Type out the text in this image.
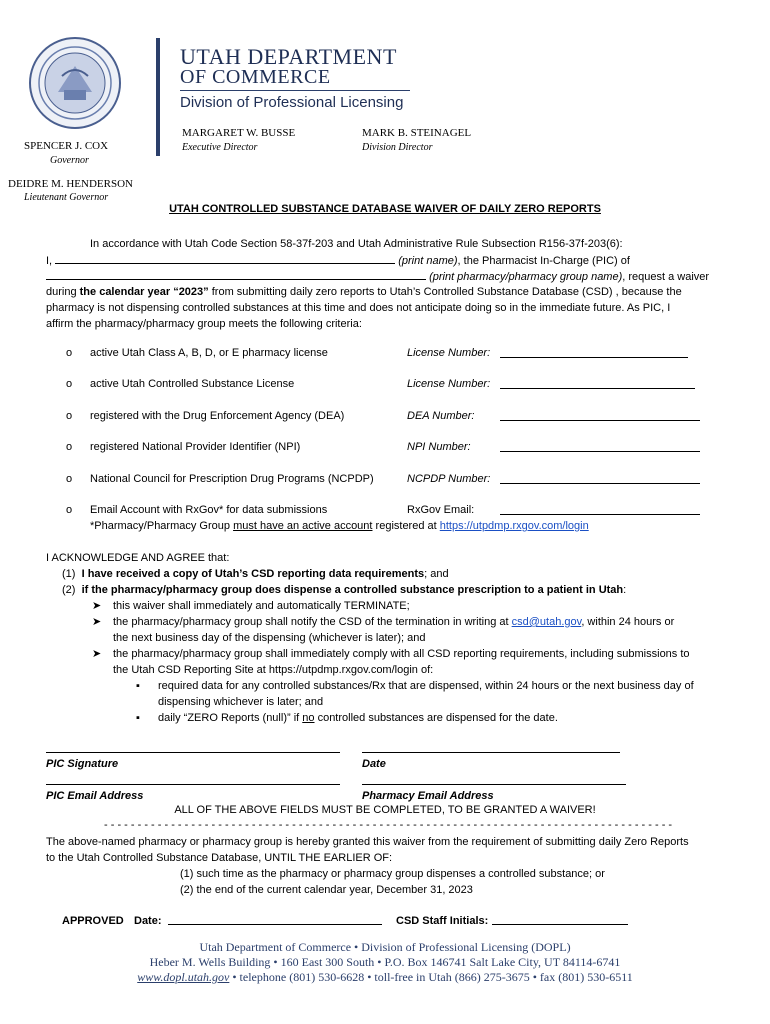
UTAH DEPARTMENT
OF COMMERCE
Division of Professional Licensing
SPENCER J. COX
Governor
DEIDRE M. HENDERSON
Lieutenant Governor
MARGARET W. BUSSE
Executive Director
MARK B. STEINAGEL
Division Director
UTAH CONTROLLED SUBSTANCE DATABASE WAIVER OF DAILY ZERO REPORTS
In accordance with Utah Code Section 58-37f-203 and Utah Administrative Rule Subsection R156-37f-203(6):
I,	(print name), the Pharmacist In-Charge (PIC) of
(print pharmacy/pharmacy group name), request a waiver
during the calendar year “2023” from submitting daily zero reports to Utah’s Controlled Substance Database (CSD) , because the
pharmacy is not dispensing controlled substances at this time and does not anticipate doing so in the immediate future. As PIC, I
affirm the pharmacy/pharmacy group meets the following criteria:
o active Utah Class A, B, D, or E pharmacy license	License Number:
o active Utah Controlled Substance License	License Number:
o registered with the Drug Enforcement Agency (DEA)	DEA Number:
o registered National Provider Identifier (NPI)	NPI Number:
o National Council for Prescription Drug Programs (NCPDP)	NCPDP Number:
o Email Account with RxGov* for data submissions	RxGov Email:
*Pharmacy/Pharmacy Group must have an active account registered at https://utpdmp.rxgov.com/login
I ACKNOWLEDGE AND AGREE that:
(1) I have received a copy of Utah’s CSD reporting data requirements; and
(2) if the pharmacy/pharmacy group does dispense a controlled substance prescription to a patient in Utah:
➤ this waiver shall immediately and automatically TERMINATE;
➤ the pharmacy/pharmacy group shall notify the CSD of the termination in writing at csd@utah.gov, within 24 hours or
the next business day of the dispensing (whichever is later); and
➤ the pharmacy/pharmacy group shall immediately comply with all CSD reporting requirements, including submissions to
the Utah CSD Reporting Site at https://utpdmp.rxgov.com/login of:
▪ required data for any controlled substances/Rx that are dispensed, within 24 hours or the next business day of
dispensing whichever is later; and
▪ daily “ZERO Reports (null)” if no controlled substances are dispensed for the date.
PIC Signature	Date
PIC Email Address	Pharmacy Email Address
ALL OF THE ABOVE FIELDS MUST BE COMPLETED, TO BE GRANTED A WAIVER!
- - - - - - - - - - - - - - - - - - - - - - - - - - - - - - - - - - - - - - - - - - - - - - - - - - - - - - - - - - - - - - - - - - - - - - - - - - - - - - - - - - - - -
The above-named pharmacy or pharmacy group is hereby granted this waiver from the requirement of submitting daily Zero Reports
to the Utah Controlled Substance Database, UNTIL THE EARLIER OF:
(1) such time as the pharmacy or pharmacy group dispenses a controlled substance; or
(2) the end of the current calendar year, December 31, 2023
APPROVED Date:	CSD Staff Initials:
Utah Department of Commerce • Division of Professional Licensing (DOPL)
Heber M. Wells Building • 160 East 300 South • P.O. Box 146741 Salt Lake City, UT 84114-6741
www.dopl.utah.gov • telephone (801) 530-6628 • toll-free in Utah (866) 275-3675 • fax (801) 530-6511
